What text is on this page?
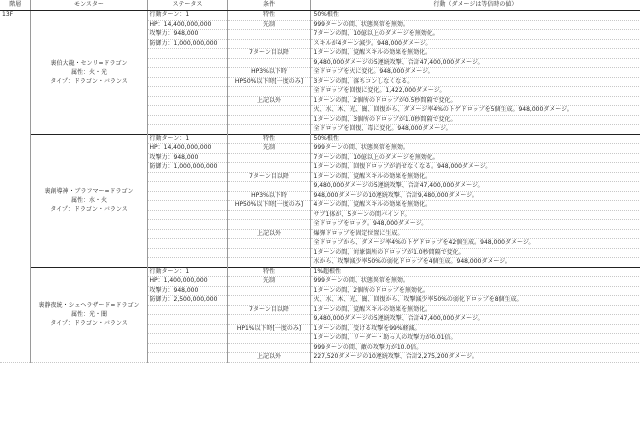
階層	モンスター	ステータス	条件	行動（ダメージは等倍時の値）
13F	裏伯大龍・センリ=ドラゴン
属性：火・光
タイプ：ドラゴン・バランス	行動ターン：1	特性	50%根性
		HP：14,400,000,000	先制	999ターンの間、状態異常を無効。
		攻撃力：948,000		7ターンの間、10億以上のダメージを無効化。
		防御力：1,000,000,000		スキルが4ターン減少。948,000ダメージ。
			7ターン目以降	1ターンの間、覚醒スキルの効果を無効化。
				9,480,000ダメージの5連続攻撃、合計47,400,000ダメージ。
			HP3%以下時	全ドロップを火に変化。948,000ダメージ。
			HP50%以下時[一度のみ]	3ターンの間、落ちコンしなくなる。
				全ドロップを回復に変化。1,422,000ダメージ。
			上記以外	1ターンの間、2個所のドロップが0.5秒間隔で変化。
				火、水、木、光、闇、回復から、ダメージ率4%のトゲドロップを5個生成。948,000ダメージ。
				1ターンの間、3個所のドロップが1.0秒間隔で変化。
				全ドロップを回復、毒に変化。948,000ダメージ。

	裏創導神・ブラフマー=ドラゴン
属性：水・火
タイプ：ドラゴン・バランス	行動ターン：1	特性	50%根性
		HP：14,400,000,000	先制	999ターンの間、状態異常を無効。
		攻撃力：948,000		7ターンの間、10億以上のダメージを無効化。
		防御力：1,000,000,000		1ターンの間、回復ドロップが消せなくなる。948,000ダメージ。
			7ターン目以降	1ターンの間、覚醒スキルの効果を無効化。
				9,480,000ダメージの5連続攻撃、合計47,400,000ダメージ。
			HP3%以下時	948,000ダメージの10連続攻撃、合計9,480,000ダメージ。
			HP50%以下時[一度のみ]	4ターンの間、覚醒スキルの効果を無効化。
				サブ1体が、5ターンの間バインド。
				全ドロップをロック。948,000ダメージ。
			上記以外	爆弾ドロップを固定位置に生成。
				全ドロップから、ダメージ率4%のトゲドロップを42個生成。948,000ダメージ。
				1ターンの間、対象箇所のドロップが1.0秒間隔で変化。
				水から、攻撃減少率50%の弱化ドロップを4個生成。948,000ダメージ。

	裏静夜統・シェヘラザード=ドラゴン
属性：光・闇
タイプ：ドラゴン・バランス	行動ターン：1	特性	1%超根性
		HP：1,400,000,000	先制	999ターンの間、状態異常を無効。
		攻撃力：948,000		1ターンの間、2個所のドロップを無効化。
		防御力：2,500,000,000		火、水、木、光、闇、回復から、攻撃減少率50%の弱化ドロップを8個生成。
			7ターン目以降	1ターンの間、覚醒スキルの効果を無効化。
				9,480,000ダメージの5連続攻撃、合計47,400,000ダメージ。
			HP1%以下時[一度のみ]	1ターンの間、受ける攻撃を99%軽減。
				1ターンの間、リーダー・助っ人の攻撃力が0.01倍。
				999ターンの間、敵の攻撃力が10.0倍。
			上記以外	227,520ダメージの10連続攻撃、合計2,275,200ダメージ。
